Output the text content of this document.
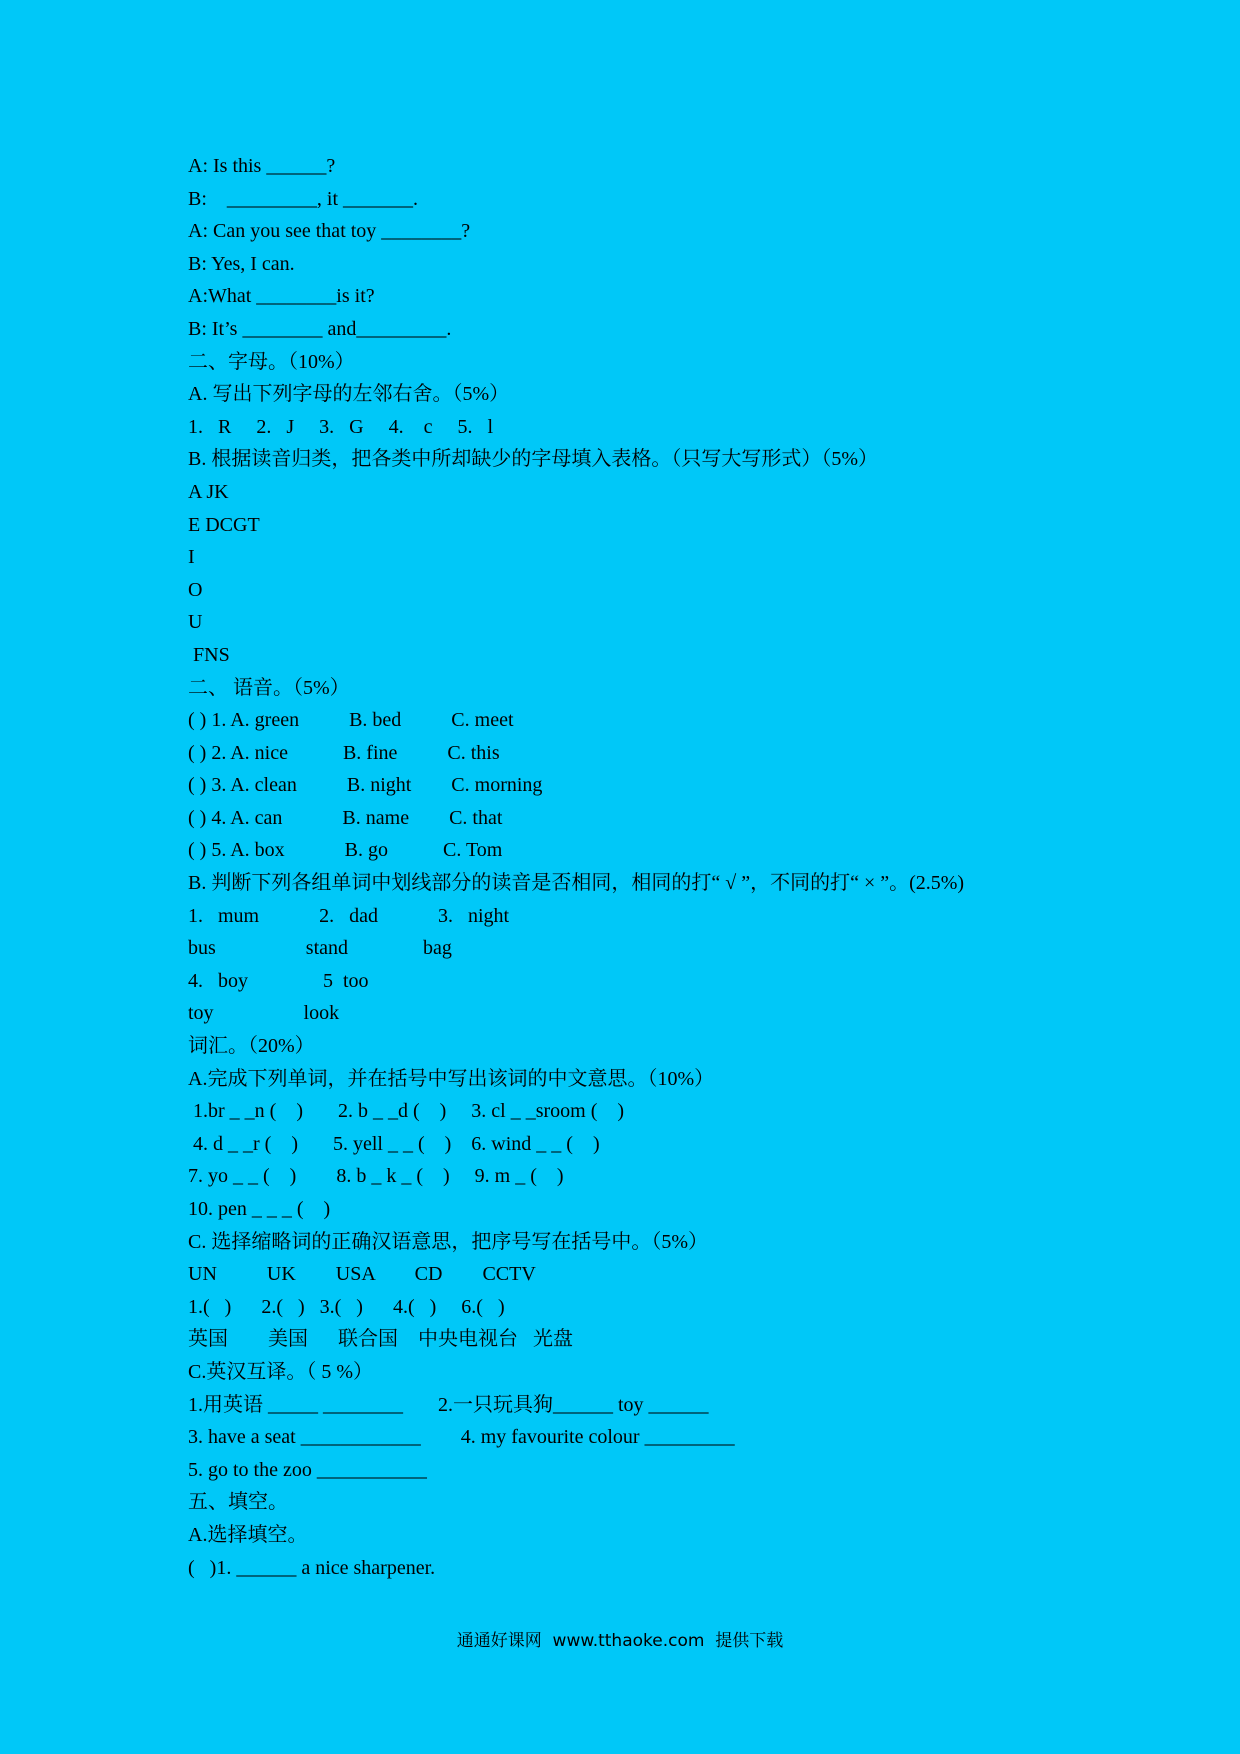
A: Is this ______?
B:    _________, it _______.
A: Can you see that toy ________?
B: Yes, I can.
A:What ________is it?
B: It’s ________ and_________.
二、字母。（10%）
A. 写出下列字母的左邻右舍。（5%）
1.   R     2.   J     3.   G     4.    c     5.   l
B. 根据读音归类，把各类中所却缺少的字母填入表格。（只写大写形式）（5%）
A JK
E DCGT
I
O
U
FNS
二、 语音。（5%）
( ) 1. A. green          B. bed          C. meet
( ) 2. A. nice           B. fine          C. this
( ) 3. A. clean          B. night        C. morning
( ) 4. A. can            B. name        C. that
( ) 5. A. box            B. go           C. Tom
B. 判断下列各组单词中划线部分的读音是否相同，相同的打“ √ ”，不同的打“ × ”。(2.5%)
1.   mum            2.   dad            3.   night
bus                  stand               bag
4.   boy               5  too
toy                  look
词汇。（20%）
A.完成下列单词，并在括号中写出该词的中文意思。（10%）
1.br _ _n (    )       2. b _ _d (    )     3. cl _ _sroom (    )
4. d _ _r (    )       5. yell _ _ (    )    6. wind _ _ (    )
7. yo _ _ (    )        8. b _ k _ (    )     9. m _ (    )
10. pen _ _ _ (    )
C. 选择缩略词的正确汉语意思，把序号写在括号中。（5%）
UN          UK        USA        CD        CCTV
1.(   )      2.(   )   3.(   )      4.(   )     6.(   )
英国        美国      联合国    中央电视台   光盘
C.英汉互译。（ 5 %）
1.用英语 _____ ________       2.一只玩具狗______ toy ______
3. have a seat ____________        4. my favourite colour _________
5. go to the zoo ___________
五、填空。
A.选择填空。
(   )1. ______ a nice sharpener.
通通好课网  www.tthaoke.com  提供下载
